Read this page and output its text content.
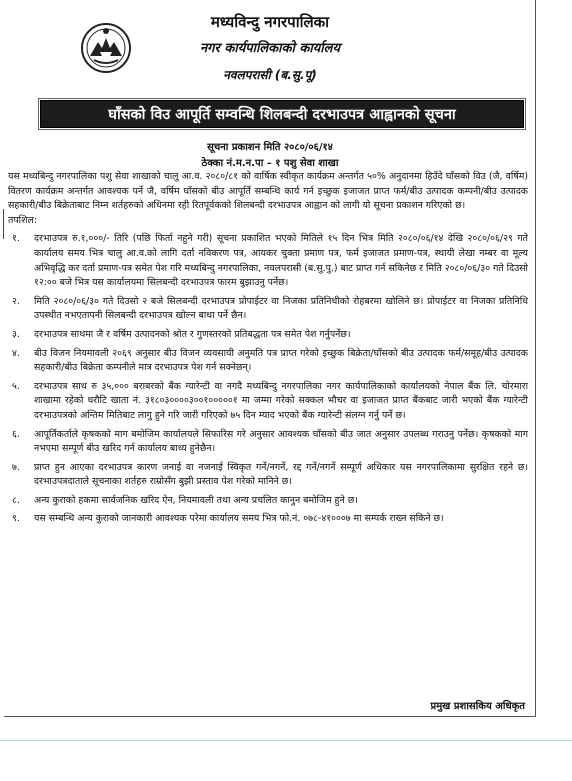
मध्यविन्दु नगरपालिका
नगर कार्यपालिकाको कार्यालय
नवलपरासी (ब.सु.पू)
घाँसको विउ आपूर्ति सम्वन्धि शिलबन्दी दरभाउपत्र आह्वानको सूचना
सूचना प्रकाशन मिति २०८०/०६/१४
ठेक्का नं.म.न.पा – १ पशु सेवा शाखा

यस मध्यबिन्दु नगरपालिका पशु सेवा शाखाको चालु आ.व. २०८०/८१ को वार्षिक स्वीकृत कार्यक्रम अन्तर्गत ५०% अनुदानमा हिउँदे घाँसको विउ (जै, वर्षिम) वितरण कार्यक्रम अन्तर्गत आवश्यक पर्ने जै, वर्षिम घाँसको बीउ आपूर्ति सम्बन्धि कार्य गर्न इच्छुक इजाजत प्राप्त फर्म/बीउ उत्पादक कम्पनी/बीउ उत्पादक सहकारी/बीउ बिक्रेताबाट निम्न शर्तहरुको अधिनमा रही रितपूर्वकको शिलबन्दी दरभाउपत्र आह्वान को लागी यो सूचना प्रकाशन गरिएको छ।

तपशिल:

१.	दरभाउपत्र रु.१,०००/- तिरि (पछि फिर्ता नहुने गरी) सूचना प्रकाशित भएको मितिले १५ दिन भित्र मिति २०८०/०६/१४ देखि २०८०/०६/२९ गते कार्यालय समय भित्र चालु आ.व.को लागि दर्ता नविकरण पत्र, आयकर चुक्ता प्रमाण पत्र, फर्म इजाजत प्रमाण-पत्र, स्थायी लेखा नम्बर वा मूल्य अभिवृद्धि कर दर्ता प्रमाण-पत्र समेत पेश गरि मध्यबिन्दु नगरपालिका, नवलपरासी (ब.सु.पु.) बाट प्राप्त गर्न सकिनेछ र मिति २०८०/०६/३० गते दिउसो १२:०० बजे भित्र यस कार्यालयमा सिलबन्दी दरभाउपत्र फारम बुझाउनु पर्नेछ।
२.	मिति २०८०/०६/३० गते दिउसो २ बजे सिलबन्दी दरभाउपत्र प्रोपाईटर वा निजका प्रतिनिधीको रोहबरमा खोलिने छ। प्रोपाईटर वा निजका प्रतिनिधि उपस्थीत नभएतापनी सिलबन्दी दरभाउपत्र खोल्न बाधा पर्ने छैन।
३.	दरभाउपत्र साथमा जै र वर्षिम उत्पादनको श्रोत र गुणस्तरको प्रतिबद्धता पत्र समेत पेश गर्नुपर्नेछ।
४.	बीउ विजन नियमावली २०६९ अनुसार बीउ विजन व्यवसायी अनुमति पत्र प्राप्त गरेको इच्छुक बिक्रेता/घाँसको बीउ उत्पादक फर्म/समूह/बीउ उत्पादक सहकारी/बीउ बिक्रेता कम्पनीले मात्र दरभाउपत्र पेश गर्न सक्नेछन्।
५.	दरभाउपत्र साथ रु ३५,००० बराबरको बैंक ग्यारेन्टी वा नगदै मध्यबिन्दु नगरपालिका नगर कार्यपालिकाको कार्यालयको नेपाल बैंक लि. चोरमारा शाखामा रहेको धरौटि खाता नं. ३१८०३००००३००१०००००१ मा जम्मा गरेको सक्कल भौचर वा इजाजत प्राप्त बैंकबाट जारी भएको बैंक ग्यारेन्टी दरभाउपत्रको अन्तिम मितिबाट लागु हुने गरि जारी गरिएको ७५ दिन म्याद भएको बैंक ग्यारेन्टी संलग्न गर्नु पर्ने छ।
६.	आपूर्तिकर्ताले कृषकको माग बमोजिम कार्यालयले सिफारिस गरे अनुसार आवश्यक घाँसको बीउ जात अनुसार उपलब्ध गराउनु पर्नेछ। कृषकको माग नभएमा सम्पूर्ण बीउ खरिद गर्न कार्यालय बाध्य हुनेछैन।
७.	प्राप्त हुन आएका दरभाउपत्र कारण जनाई वा नजनाई स्विकृत गर्ने/नगर्ने, रद्द गर्ने/नगर्ने सम्पूर्ण अधिकार यस नगरपालिकामा सुरक्षित रहने छ। दरभाउपत्रदाताले सूचनाका शर्तहरु राम्रोसँग बुझी प्रस्ताव पेश गरेको मानिने छ।
८.	अन्य कुराको हकमा सार्वजनिक खरिद ऐन, नियमावली तथा अन्य प्रचलित कानुन बमोजिम हुने छ।
९.	यस सम्बन्धि अन्य कुराको जानकारी आवश्यक परेमा कार्यालय समय भित्र फो.नं. ०७८-४१०००७ मा सम्पर्क राख्न सकिने छ।
प्रमुख प्रशासकिय अधिकृत
